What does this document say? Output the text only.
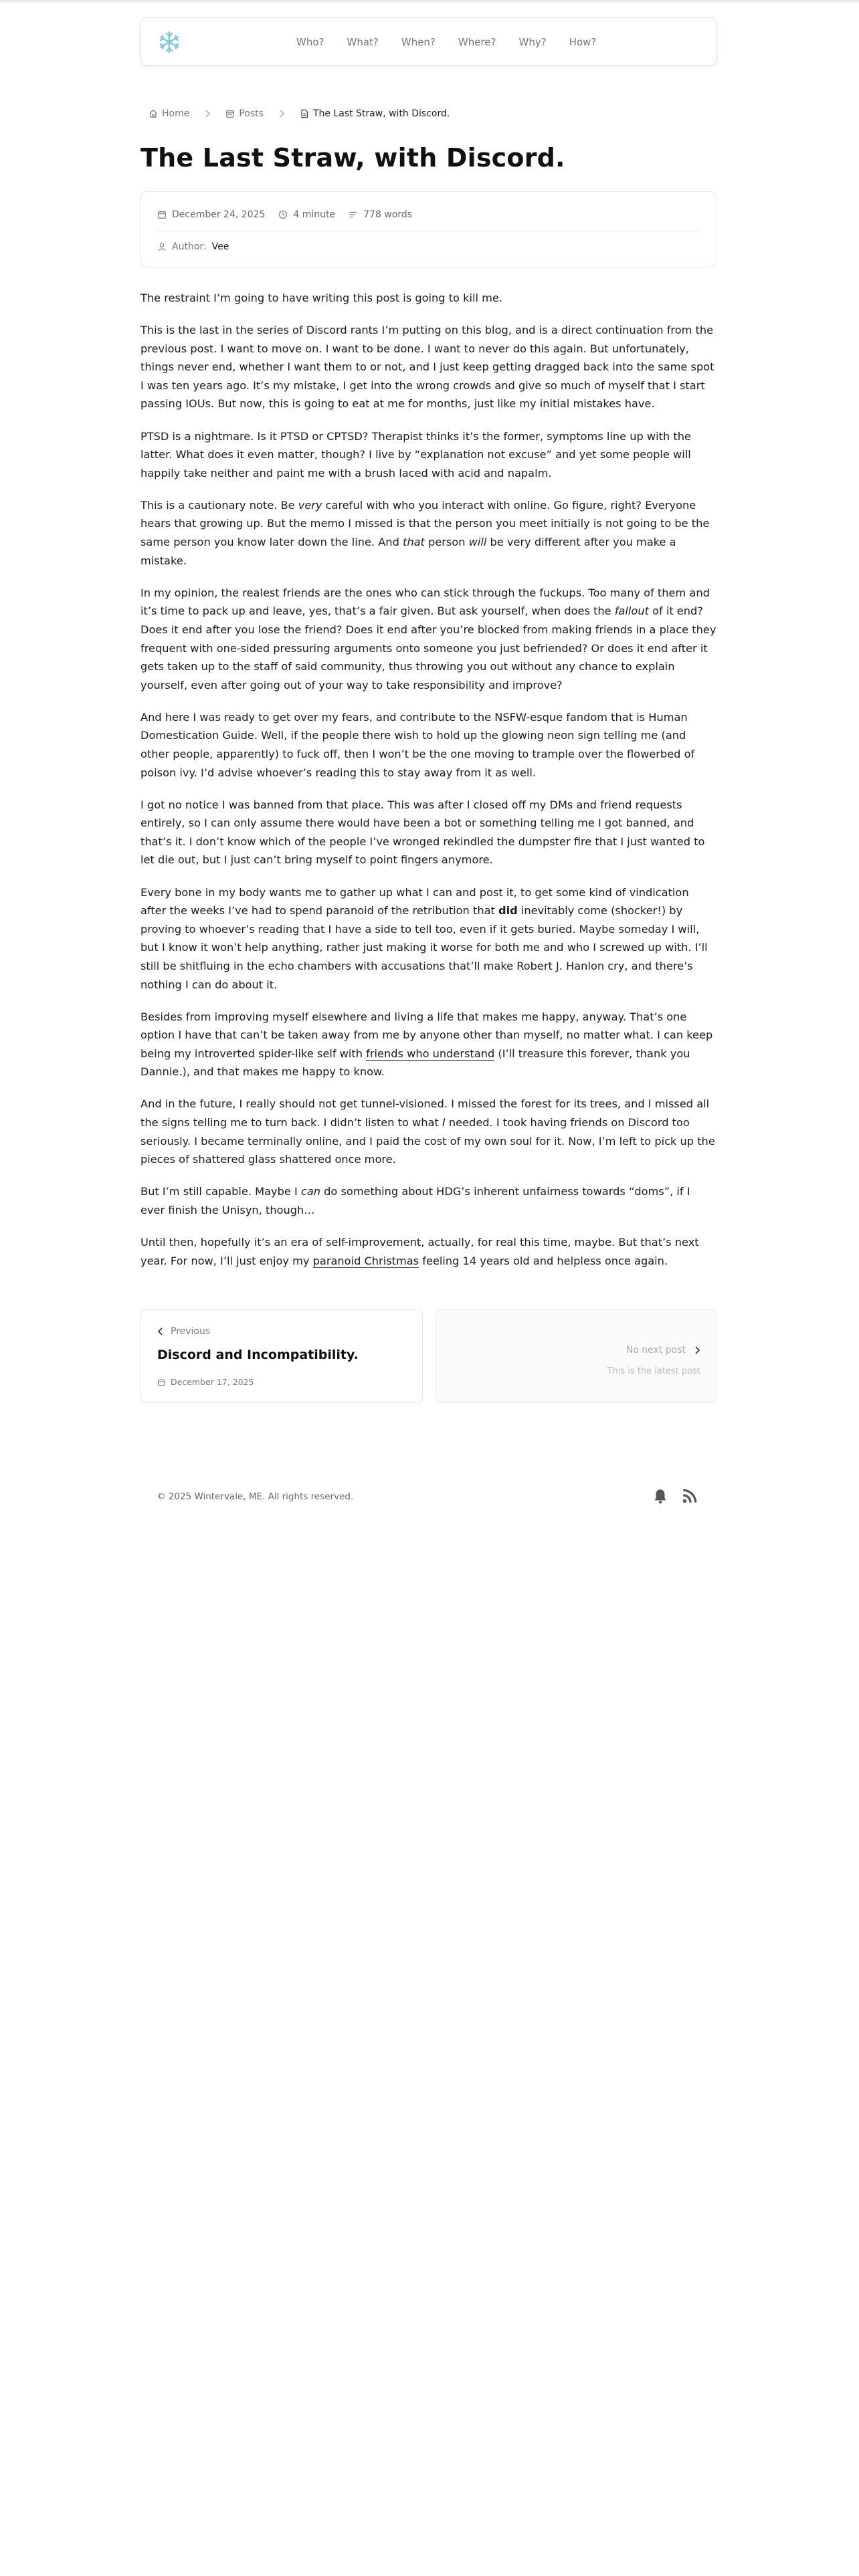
Who? What? When? Where? Why? How?
Home	Posts	The Last Straw, with Discord.
The Last Straw, with Discord.
December 24, 2025	4 minute	778 words
Author: Vee

The restraint I’m going to have writing this post is going to kill me.

This is the last in the series of Discord rants I’m putting on this blog, and is a direct continuation from the previous post. I want to move on. I want to be done. I want to never do this again. But unfortunately, things never end, whether I want them to or not, and I just keep getting dragged back into the same spot I was ten years ago. It’s my mistake, I get into the wrong crowds and give so much of myself that I start passing IOUs. But now, this is going to eat at me for months, just like my initial mistakes have.

PTSD is a nightmare. Is it PTSD or CPTSD? Therapist thinks it’s the former, symptoms line up with the latter. What does it even matter, though? I live by “explanation not excuse” and yet some people will happily take neither and paint me with a brush laced with acid and napalm.

This is a cautionary note. Be very careful with who you interact with online. Go figure, right? Everyone hears that growing up. But the memo I missed is that the person you meet initially is not going to be the same person you know later down the line. And that person will be very different after you make a mistake.

In my opinion, the realest friends are the ones who can stick through the fuckups. Too many of them and it’s time to pack up and leave, yes, that’s a fair given. But ask yourself, when does the fallout of it end? Does it end after you lose the friend? Does it end after you’re blocked from making friends in a place they frequent with one-sided pressuring arguments onto someone you just befriended? Or does it end after it gets taken up to the staff of said community, thus throwing you out without any chance to explain yourself, even after going out of your way to take responsibility and improve?

And here I was ready to get over my fears, and contribute to the NSFW-esque fandom that is Human Domestication Guide. Well, if the people there wish to hold up the glowing neon sign telling me (and other people, apparently) to fuck off, then I won’t be the one moving to trample over the flowerbed of poison ivy. I’d advise whoever’s reading this to stay away from it as well.

I got no notice I was banned from that place. This was after I closed off my DMs and friend requests entirely, so I can only assume there would have been a bot or something telling me I got banned, and that’s it. I don’t know which of the people I’ve wronged rekindled the dumpster fire that I just wanted to let die out, but I just can’t bring myself to point fingers anymore.

Every bone in my body wants me to gather up what I can and post it, to get some kind of vindication after the weeks I’ve had to spend paranoid of the retribution that did inevitably come (shocker!) by proving to whoever’s reading that I have a side to tell too, even if it gets buried. Maybe someday I will, but I know it won’t help anything, rather just making it worse for both me and who I screwed up with. I’ll still be shitfluing in the echo chambers with accusations that’ll make Robert J. Hanlon cry, and there’s nothing I can do about it.

Besides from improving myself elsewhere and living a life that makes me happy, anyway. That’s one option I have that can’t be taken away from me by anyone other than myself, no matter what. I can keep being my introverted spider-like self with friends who understand (I’ll treasure this forever, thank you Dannie.), and that makes me happy to know.

And in the future, I really should not get tunnel-visioned. I missed the forest for its trees, and I missed all the signs telling me to turn back. I didn’t listen to what I needed. I took having friends on Discord too seriously. I became terminally online, and I paid the cost of my own soul for it. Now, I’m left to pick up the pieces of shattered glass shattered once more.

But I’m still capable. Maybe I can do something about HDG’s inherent unfairness towards “doms”, if I ever finish the Unisyn, though…

Until then, hopefully it’s an era of self-improvement, actually, for real this time, maybe. But that’s next year. For now, I’ll just enjoy my paranoid Christmas feeling 14 years old and helpless once again.

Previous
Discord and Incompatibility.
December 17, 2025
No next post
This is the latest post
© 2025 Wintervale, ME. All rights reserved.
